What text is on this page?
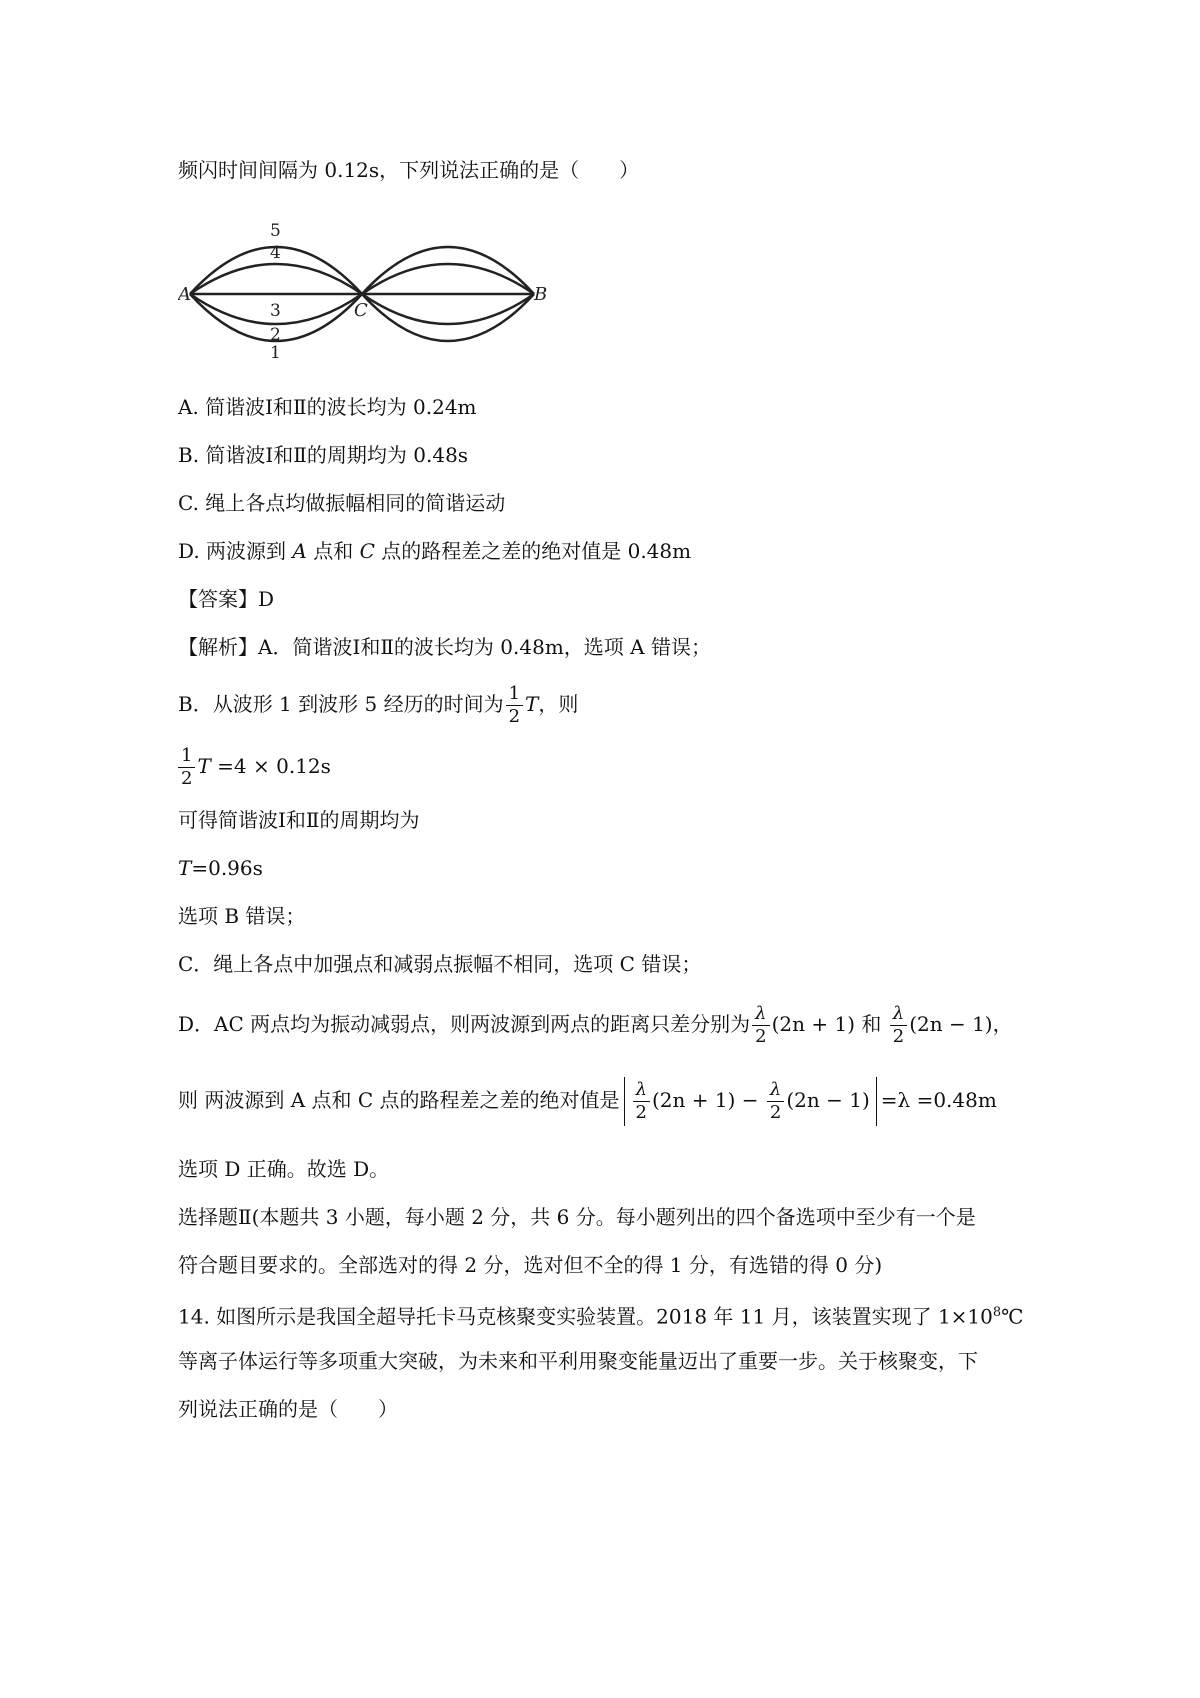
频闪时间间隔为 0.12s，下列说法正确的是（　　）
A	B
C
5
4
3
2
1
A. 简谐波Ⅰ和Ⅱ的波长均为 0.24m
B. 简谐波Ⅰ和Ⅱ的周期均为 0.48s
C. 绳上各点均做振幅相同的简谐运动
D. 两波源到 A 点和 C 点的路程差之差的绝对值是 0.48m
【答案】D
【解析】A．简谐波Ⅰ和Ⅱ的波长均为 0.48m，选项 A 错误；
B．从波形 1 到波形 5 经历的时间为 $\frac{1}{2}$ T，则
$\frac{1}{2}$ T =4 × 0.12s
可得简谐波Ⅰ和Ⅱ的周期均为
T=0.96s
选项 B 错误；
C．绳上各点中加强点和减弱点振幅不相同，选项 C 错误；
D．AC 两点均为振动减弱点，则两波源到两点的距离只差分别为 $\frac{\lambda}{2} (2n + 1)$ 和 $\frac{\lambda}{2} (2n - 1)$，
则 两波源到 A 点和 C 点的路程差之差的绝对值是 $\frac{\lambda}{2} (2n + 1) - \frac{\lambda}{2} (2n - 1) =\lambda =0.48m$
选项 D 正确。故选 D。
选择题Ⅱ(本题共 3 小题，每小题 2 分，共 6 分。每小题列出的四个备选项中至少有一个是
符合题目要求的。全部选对的得 2 分，选对但不全的得 1 分，有选错的得 0 分)
14. 如图所示是我国全超导托卡马克核聚变实验装置。2018 年 11 月，该装置实现了 $1\times 10^8℃$
等离子体运行等多项重大突破，为未来和平利用聚变能量迈出了重要一步。关于核聚变，下
列说法正确的是（　　）
